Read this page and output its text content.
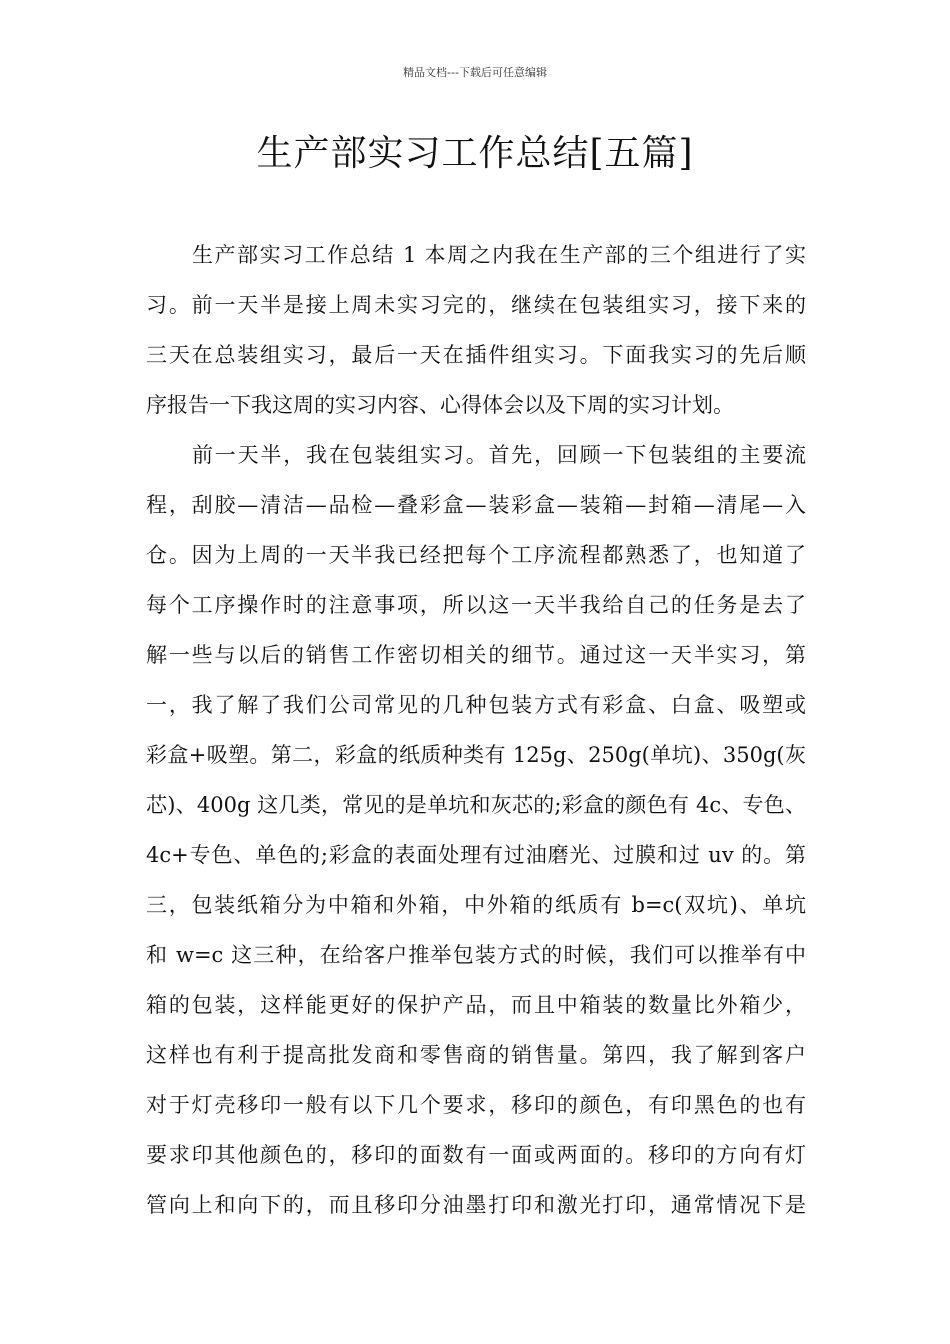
精品文档---下载后可任意编辑
生产部实习工作总结[五篇]

生产部实习工作总结 1 本周之内我在生产部的三个组进行了实
习。前一天半是接上周未实习完的，继续在包装组实习，接下来的
三天在总装组实习，最后一天在插件组实习。下面我实习的先后顺
序报告一下我这周的实习内容、心得体会以及下周的实习计划。

前一天半，我在包装组实习。首先，回顾一下包装组的主要流
程，刮胶—清洁—品检—叠彩盒—装彩盒—装箱—封箱—清尾—入
仓。因为上周的一天半我已经把每个工序流程都熟悉了，也知道了
每个工序操作时的注意事项，所以这一天半我给自己的任务是去了
解一些与以后的销售工作密切相关的细节。通过这一天半实习，第
一，我了解了我们公司常见的几种包装方式有彩盒、白盒、吸塑或
彩盒+吸塑。第二，彩盒的纸质种类有 125g、250g(单坑)、350g(灰
芯)、400g 这几类，常见的是单坑和灰芯的;彩盒的颜色有 4c、专色、
4c+专色、单色的;彩盒的表面处理有过油磨光、过膜和过 uv 的。第
三，包装纸箱分为中箱和外箱，中外箱的纸质有 b=c(双坑)、单坑
和 w=c 这三种，在给客户推举包装方式的时候，我们可以推举有中
箱的包装，这样能更好的保护产品，而且中箱装的数量比外箱少，
这样也有利于提高批发商和零售商的销售量。第四，我了解到客户
对于灯壳移印一般有以下几个要求，移印的颜色，有印黑色的也有
要求印其他颜色的，移印的面数有一面或两面的。移印的方向有灯
管向上和向下的，而且移印分油墨打印和激光打印，通常情况下是
